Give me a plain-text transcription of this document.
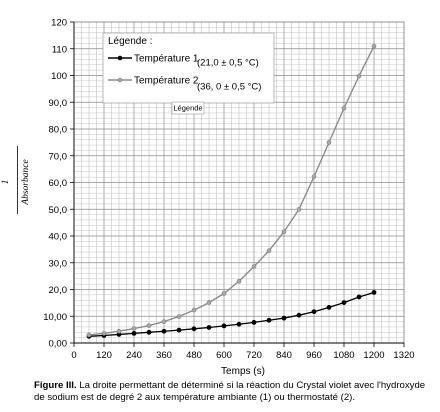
0 120 240 360 480 600 720 840 960 1080 1200 1320
0,00
10,00
20,0
30,0
40,0
50,0
60,0
70,0
80,0
90,0
100
110
120
Temps (s)
Légende :
Température 1
(21,0 ± 0,5 °C)
Température 2
(36, 0 ± 0,5 °C)
Légende
1 Absorbance
Figure III. La droite permettant de déterminé si la réaction du Crystal violet avec l'hydroxyde de sodium est de degré 2 aux température ambiante (1) ou thermostaté (2).
